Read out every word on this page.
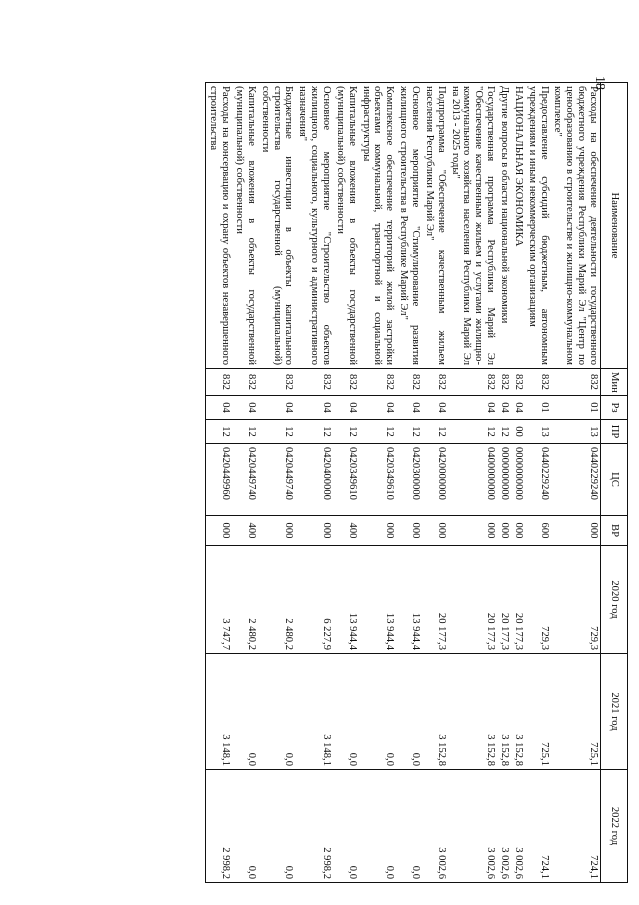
18
Наименование	Мин	Рз	ПР	ЦС	ВР	2020 год	2021 год	2022 год
Расходы на обеспечение деятельности государственного бюджетного учреждения Республики Марий Эл "Центр по ценообразованию в строительстве и жилищно-коммунальном комплексе"	832	01	13	0440229240	000	729,3	725,1	724,1
Предоставление субсидий бюджетным, автономным учреждениям и иным некоммерческим организациям	832	01	13	0440229240	600	729,3	725,1	724,1
НАЦИОНАЛЬНАЯ ЭКОНОМИКА	832	04	00	0000000000	000	20 177,3	3 152,8	3 002,6
Другие вопросы в области национальной экономики	832	04	12	0000000000	000	20 177,3	3 152,8	3 002,6
Государственная программа Республики Марий Эл "Обеспечение качественным жильем и услугами жилищно-коммунального хозяйства населения Республики Марий Эл на 2013 - 2025 годы"	832	04	12	0400000000	000	20 177,3	3 152,8	3 002,6
Подпрограмма "Обеспечение качественным жильем населения Республики Марий Эл"	832	04	12	0420000000	000	20 177,3	3 152,8	3 002,6
Основное мероприятие "Стимулирование развития жилищного строительства в Республике Марий Эл"	832	04	12	0420300000	000	13 944,4	0,0	0,0
Комплексное обеспечение территорий жилой застройки объектами коммунальной, транспортной и социальной инфраструктуры	832	04	12	0420349610	000	13 944,4	0,0	0,0
Капитальные вложения в объекты государственной (муниципальной) собственности	832	04	12	0420349610	400	13 944,4	0,0	0,0
Основное мероприятие "Строительство объектов жилищного, социального, культурного и административного назначения"	832	04	12	0420400000	000	6 227,9	3 148,1	2 998,2
Бюджетные инвестиции в объекты капитального строительства государственной (муниципальной) собственности	832	04	12	0420449740	000	2 480,2	0,0	0,0
Капитальные вложения в объекты государственной (муниципальной) собственности	832	04	12	0420449740	400	2 480,2	0,0	0,0
Расходы на консервацию и охрану объектов незавершенного строительства	832	04	12	0420449960	000	3 747,7	3 148,1	2 998,2
